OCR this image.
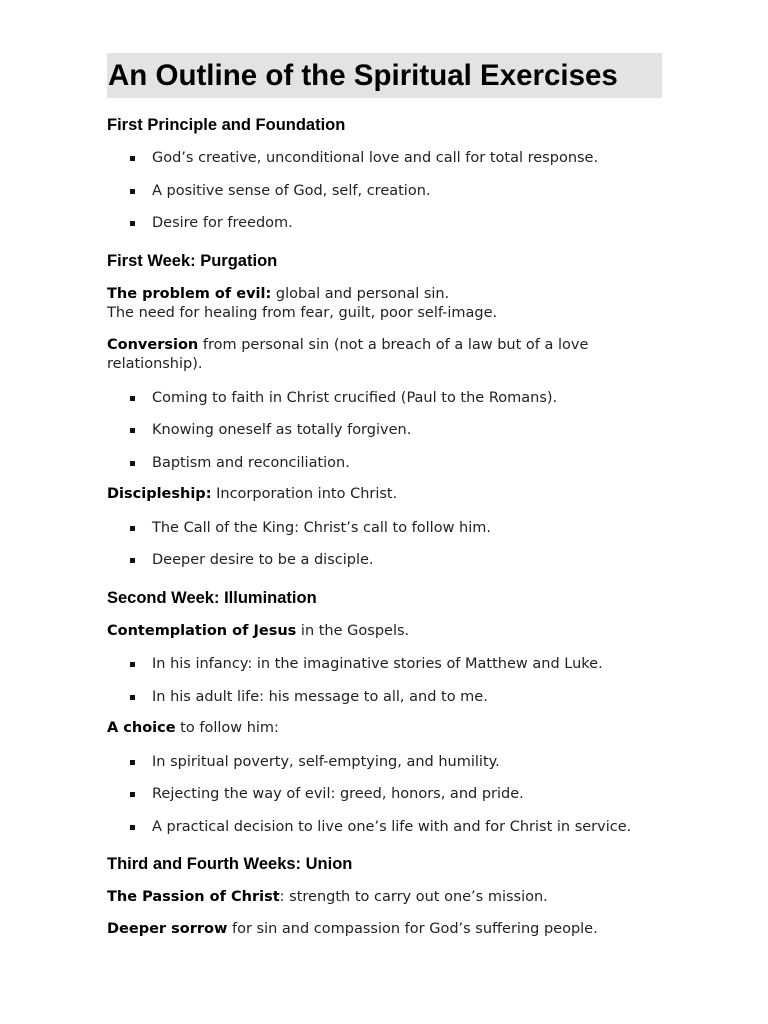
An Outline of the Spiritual Exercises
First Principle and Foundation
God’s creative, unconditional love and call for total response.
A positive sense of God, self, creation.
Desire for freedom.
First Week: Purgation

The problem of evil: global and personal sin.
The need for healing from fear, guilt, poor self-image.

Conversion from personal sin (not a breach of a law but of a love relationship).

Coming to faith in Christ crucified (Paul to the Romans).
Knowing oneself as totally forgiven.
Baptism and reconciliation.

Discipleship: Incorporation into Christ.

The Call of the King: Christ’s call to follow him.
Deeper desire to be a disciple.
Second Week: Illumination

Contemplation of Jesus in the Gospels.

In his infancy: in the imaginative stories of Matthew and Luke.
In his adult life: his message to all, and to me.

A choice to follow him:

In spiritual poverty, self-emptying, and humility.
Rejecting the way of evil: greed, honors, and pride.
A practical decision to live one’s life with and for Christ in service.
Third and Fourth Weeks: Union

The Passion of Christ: strength to carry out one’s mission.

Deeper sorrow for sin and compassion for God’s suffering people.
